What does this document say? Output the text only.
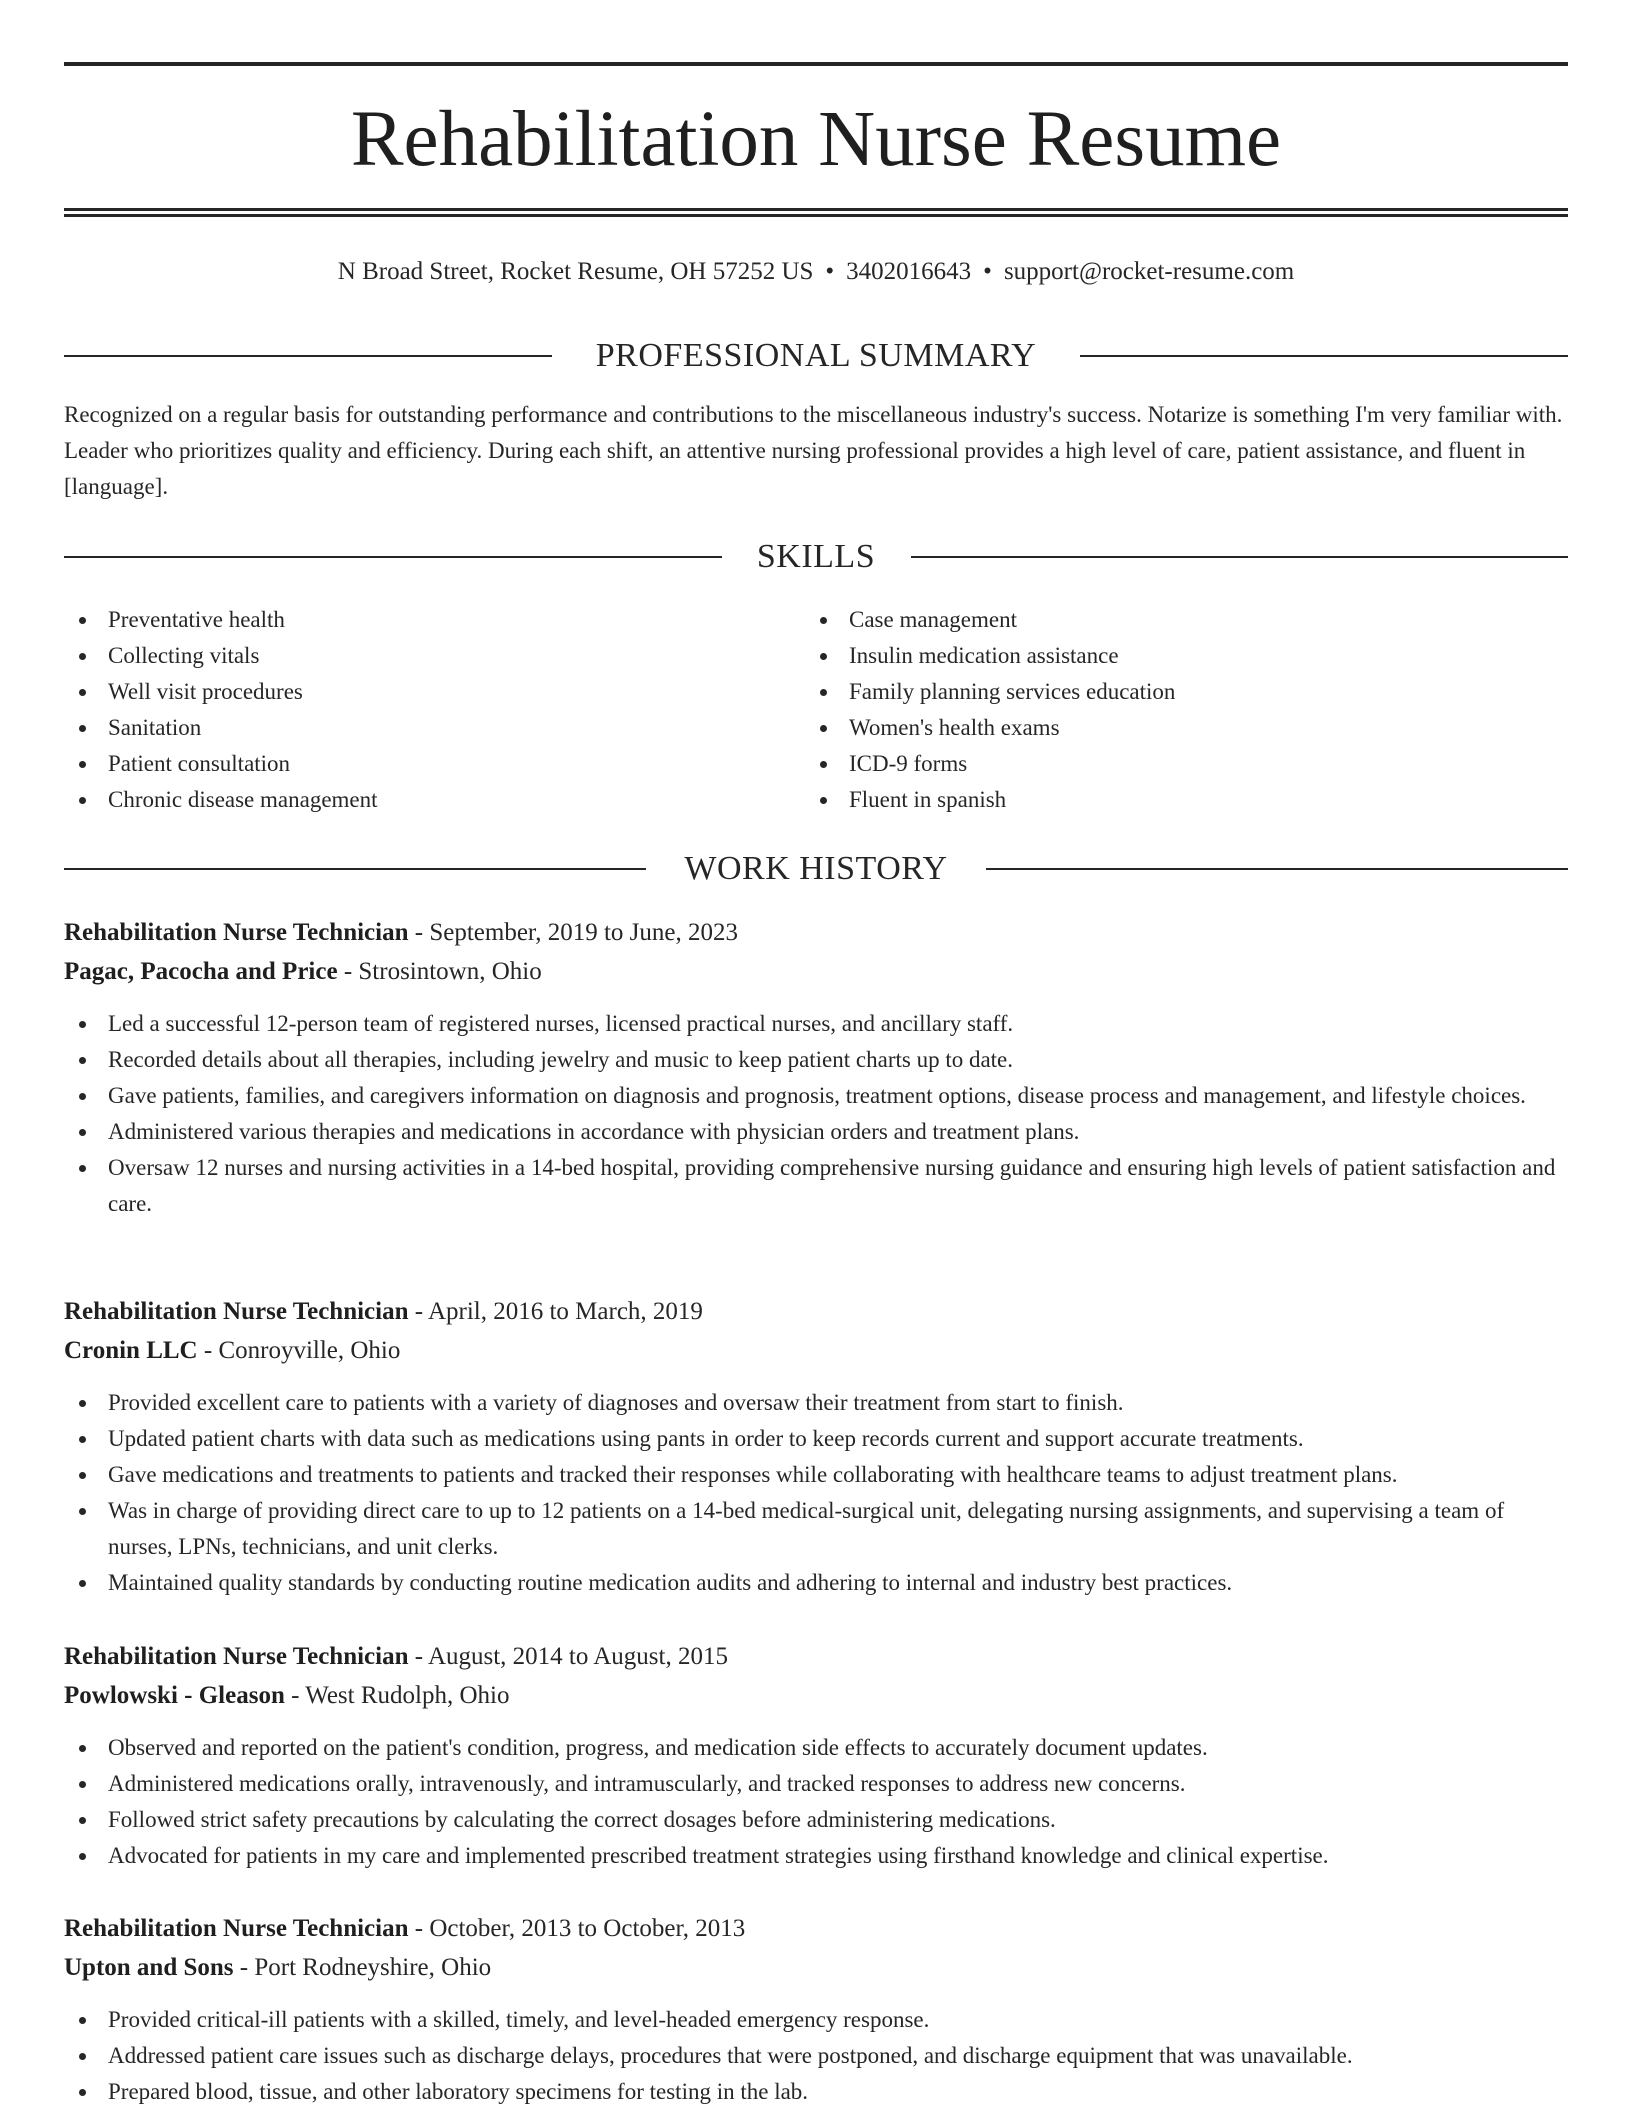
Rehabilitation Nurse Resume
N Broad Street, Rocket Resume, OH 57252 US • 3402016643 • support@rocket-resume.com
PROFESSIONAL SUMMARY
Recognized on a regular basis for outstanding performance and contributions to the miscellaneous industry's success. Notarize is something I'm very familiar with. Leader who prioritizes quality and efficiency. During each shift, an attentive nursing professional provides a high level of care, patient assistance, and fluent in [language].
SKILLS
Preventative health
Collecting vitals
Well visit procedures
Sanitation
Patient consultation
Chronic disease management
Case management
Insulin medication assistance
Family planning services education
Women's health exams
ICD-9 forms
Fluent in spanish
WORK HISTORY
Rehabilitation Nurse Technician - September, 2019 to June, 2023
Pagac, Pacocha and Price - Strosintown, Ohio
Led a successful 12-person team of registered nurses, licensed practical nurses, and ancillary staff.
Recorded details about all therapies, including jewelry and music to keep patient charts up to date.
Gave patients, families, and caregivers information on diagnosis and prognosis, treatment options, disease process and management, and lifestyle choices.
Administered various therapies and medications in accordance with physician orders and treatment plans.
Oversaw 12 nurses and nursing activities in a 14-bed hospital, providing comprehensive nursing guidance and ensuring high levels of patient satisfaction and care.
Rehabilitation Nurse Technician - April, 2016 to March, 2019
Cronin LLC - Conroyville, Ohio
Provided excellent care to patients with a variety of diagnoses and oversaw their treatment from start to finish.
Updated patient charts with data such as medications using pants in order to keep records current and support accurate treatments.
Gave medications and treatments to patients and tracked their responses while collaborating with healthcare teams to adjust treatment plans.
Was in charge of providing direct care to up to 12 patients on a 14-bed medical-surgical unit, delegating nursing assignments, and supervising a team of nurses, LPNs, technicians, and unit clerks.
Maintained quality standards by conducting routine medication audits and adhering to internal and industry best practices.
Rehabilitation Nurse Technician - August, 2014 to August, 2015
Powlowski - Gleason - West Rudolph, Ohio
Observed and reported on the patient's condition, progress, and medication side effects to accurately document updates.
Administered medications orally, intravenously, and intramuscularly, and tracked responses to address new concerns.
Followed strict safety precautions by calculating the correct dosages before administering medications.
Advocated for patients in my care and implemented prescribed treatment strategies using firsthand knowledge and clinical expertise.
Rehabilitation Nurse Technician - October, 2013 to October, 2013
Upton and Sons - Port Rodneyshire, Ohio
Provided critical-ill patients with a skilled, timely, and level-headed emergency response.
Addressed patient care issues such as discharge delays, procedures that were postponed, and discharge equipment that was unavailable.
Prepared blood, tissue, and other laboratory specimens for testing in the lab.
